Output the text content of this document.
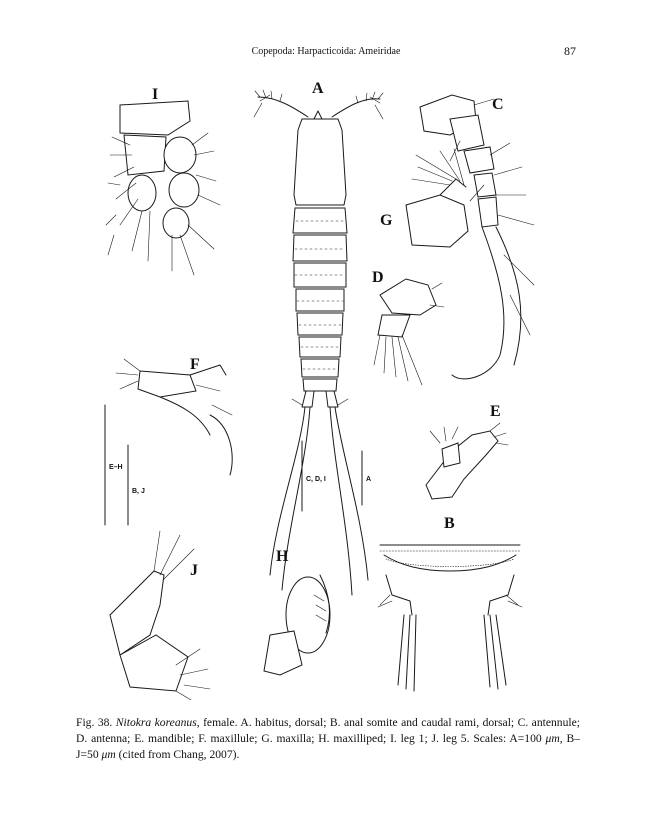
Copepoda: Harpacticoida: Ameiridae	87
E–H
B, J
C, D, I	A
A
B
C
D
E
F
G
H
I
J
Fig. 38. Nitokra koreanus, female. A. habitus, dorsal; B. anal somite and caudal rami, dorsal; C. antennule; D. antenna; E. mandible; F. maxillule; G. maxilla; H. maxilliped; I. leg 1; J. leg 5. Scales: A=100 μm, B–J=50 μm (cited from Chang, 2007).
